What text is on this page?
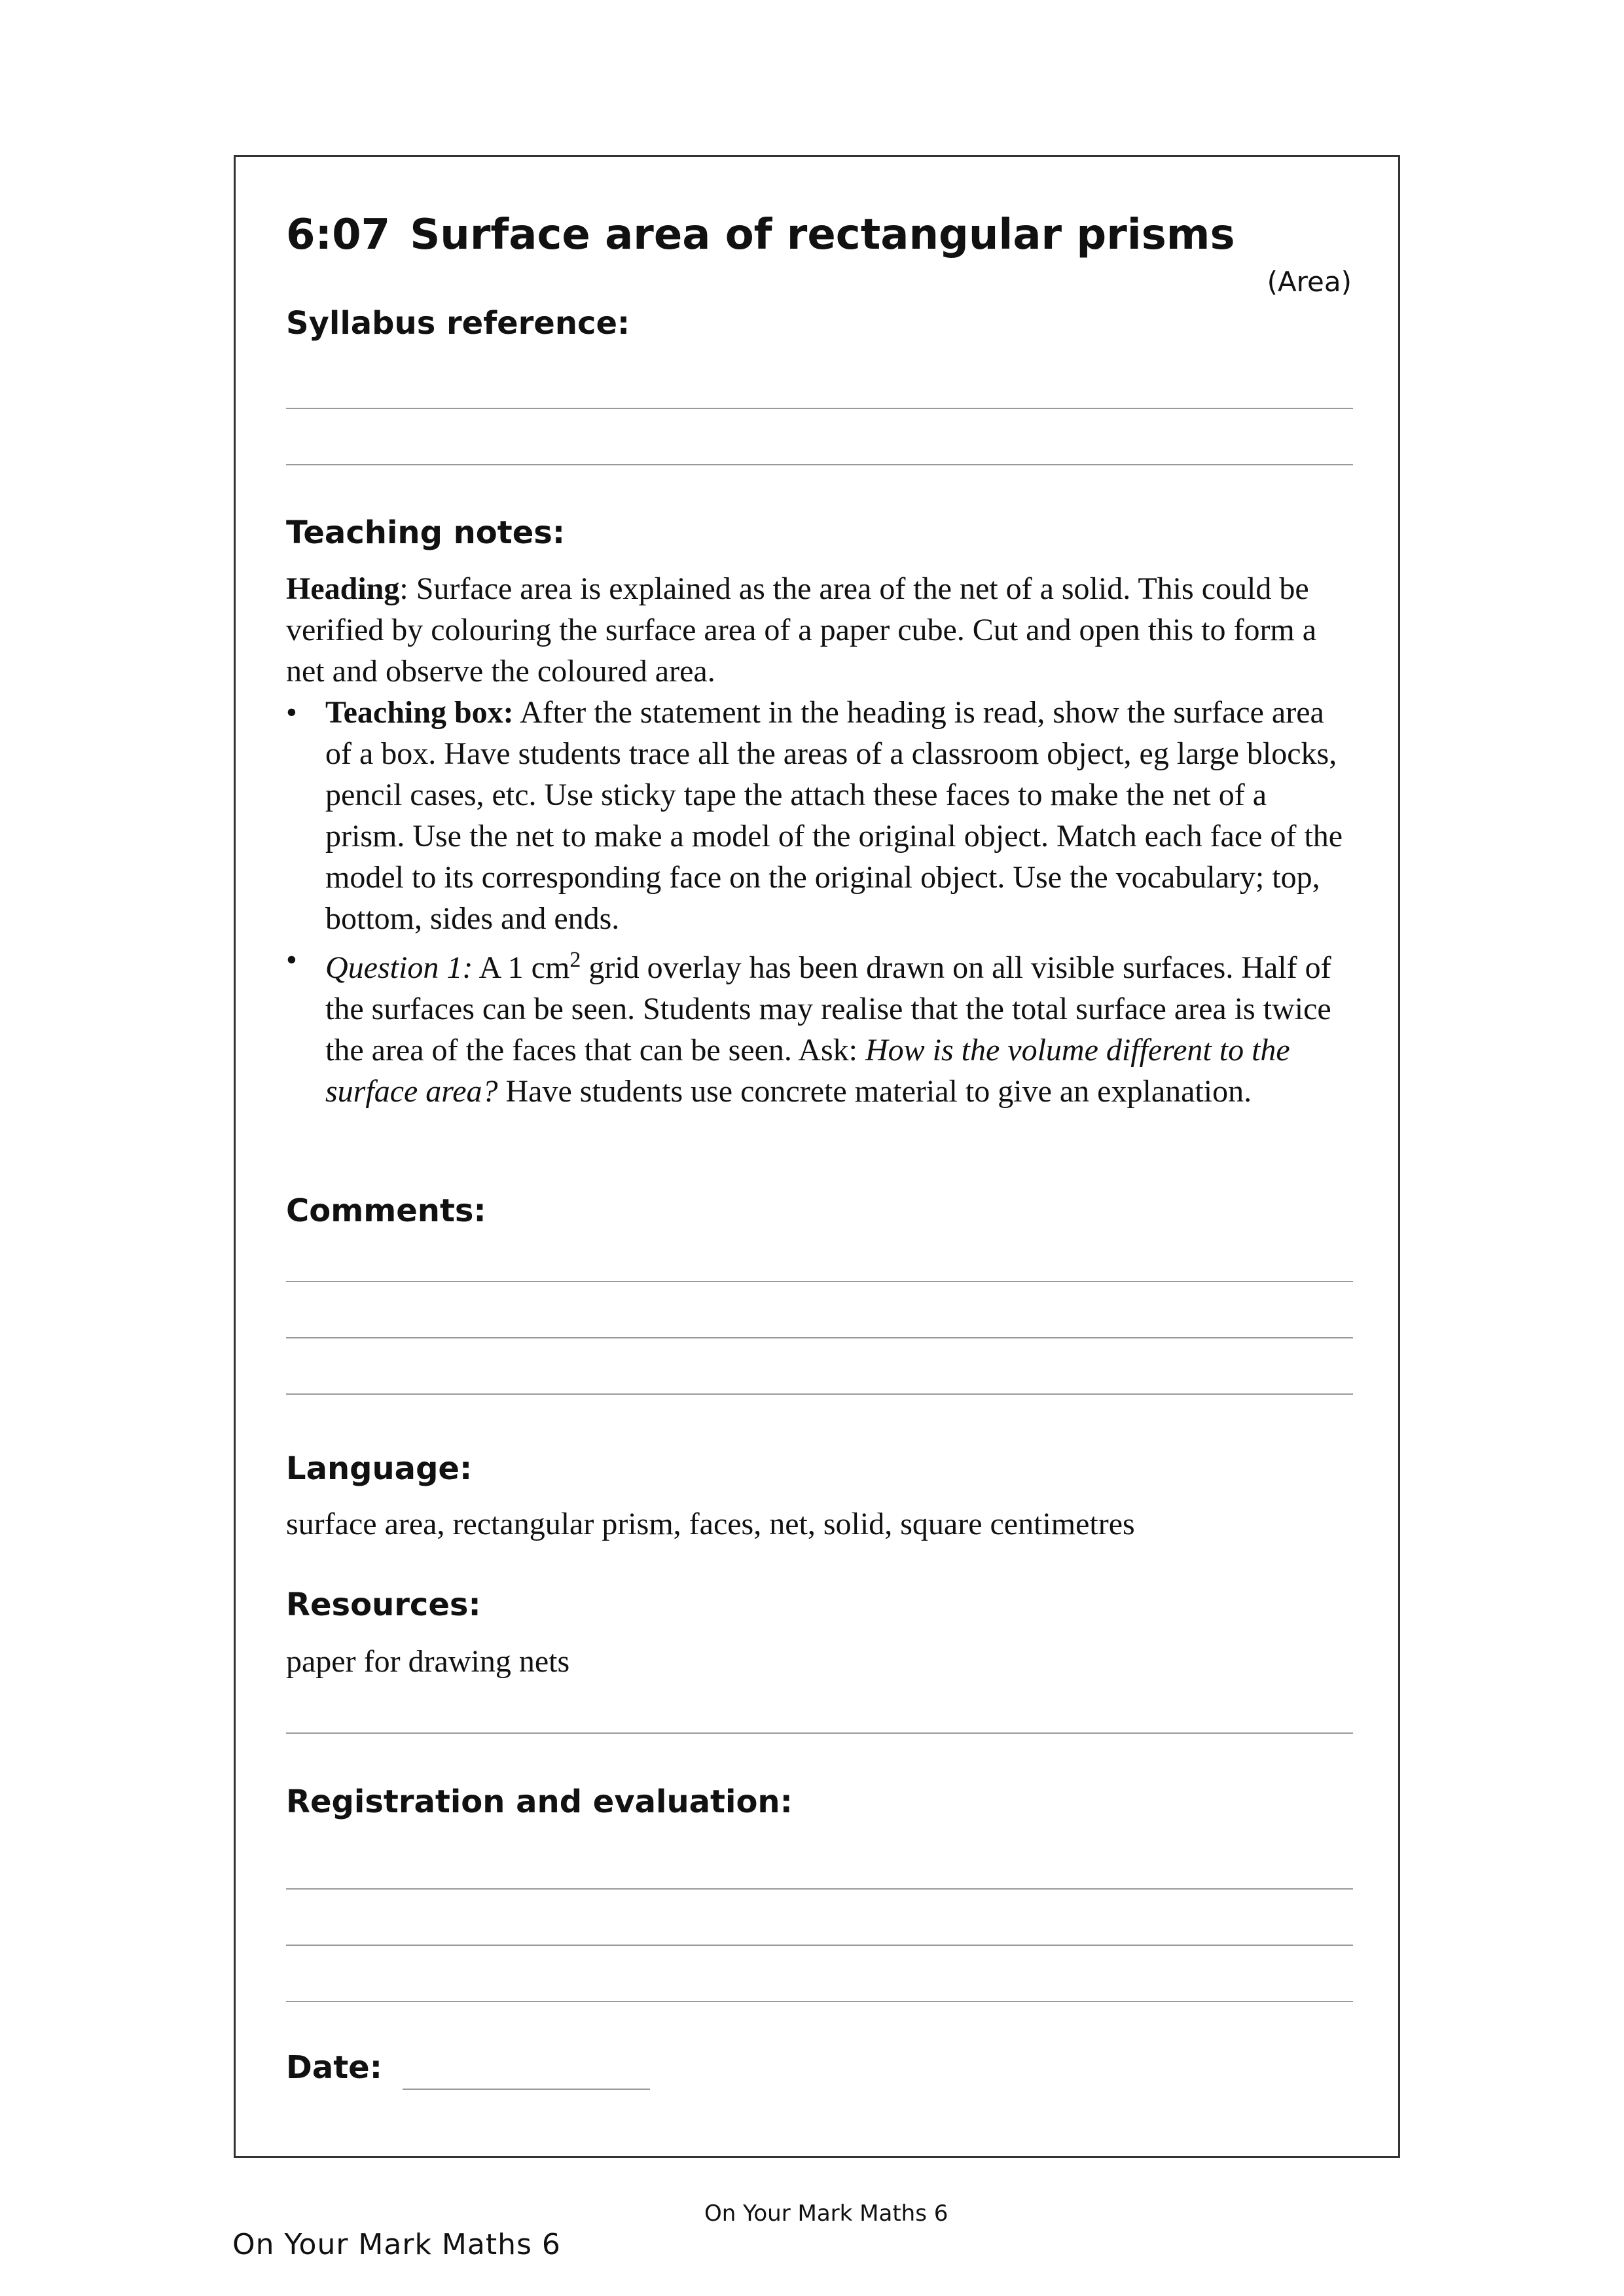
6:07 Surface area of rectangular prisms
(Area)
Syllabus reference:
Teaching notes:

Heading: Surface area is explained as the area of the net of a solid. This could be verified by colouring the surface area of a paper cube. Cut and open this to form a net and observe the coloured area.

• Teaching box: After the statement in the heading is read, show the surface area of a box. Have students trace all the areas of a classroom object, eg large blocks, pencil cases, etc. Use sticky tape the attach these faces to make the net of a prism. Use the net to make a model of the original object. Match each face of the model to its corresponding face on the original object. Use the vocabulary; top, bottom, sides and ends.
• Question 1: A 1 $cm^2$ grid overlay has been drawn on all visible surfaces. Half of the surfaces can be seen. Students may realise that the total surface area is twice the area of the faces that can be seen. Ask: How is the volume different to the surface area? Have students use concrete material to give an explanation.
Comments:
Language:
surface area, rectangular prism, faces, net, solid, square centimetres
Resources:
paper for drawing nets
Registration and evaluation:
Date:
On Your Mark Maths 6
On Your Mark Maths 6
